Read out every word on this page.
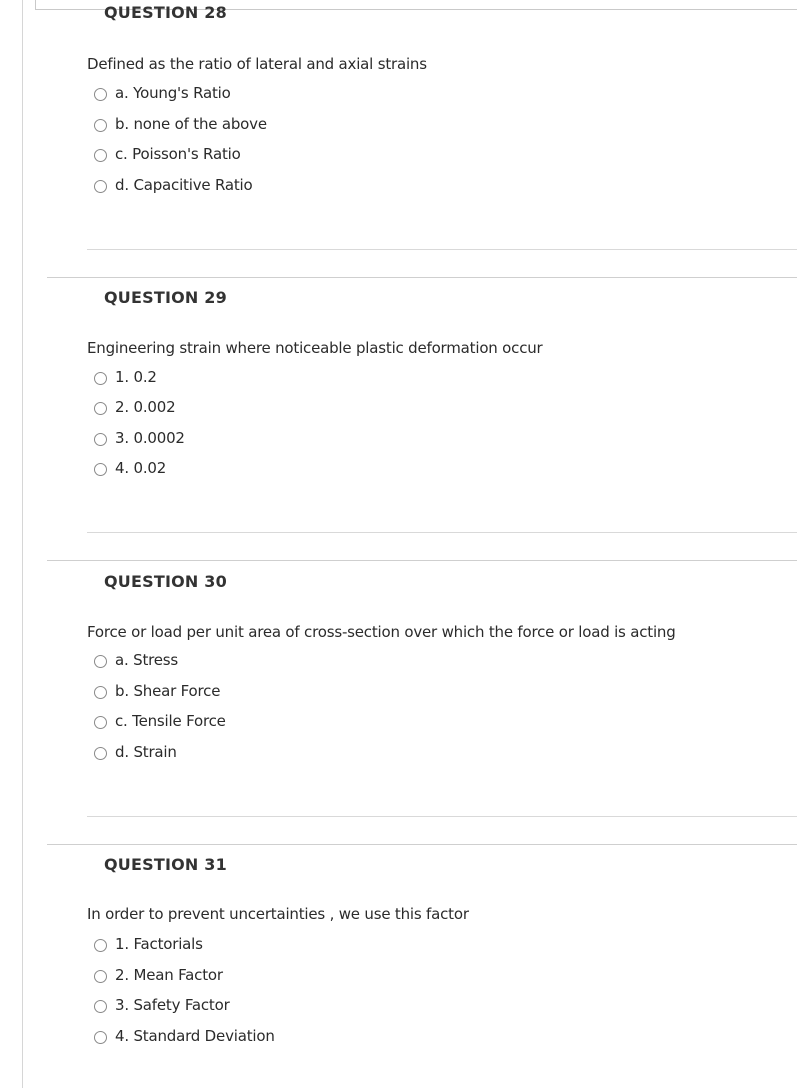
QUESTION 28
Defined as the ratio of lateral and axial strains
a. Young's Ratio
b. none of the above
c. Poisson's Ratio
d. Capacitive Ratio
QUESTION 29
Engineering strain where noticeable plastic deformation occur
1. 0.2
2. 0.002
3. 0.0002
4. 0.02
QUESTION 30
Force or load per unit area of cross-section over which the force or load is acting
a. Stress
b. Shear Force
c. Tensile Force
d. Strain
QUESTION 31
In order to prevent uncertainties , we use this factor
1. Factorials
2. Mean Factor
3. Safety Factor
4. Standard Deviation
